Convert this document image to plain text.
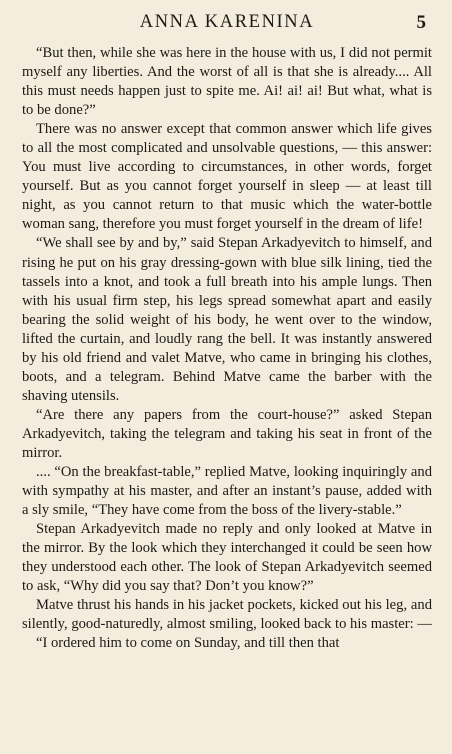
ANNA KARENINA	5

“But then, while she was here in the house with us, I did not permit myself any liberties. And the worst of all is that she is already.... All this must needs happen just to spite me. Ai! ai! ai! But what, what is to be done?”

There was no answer except that common answer which life gives to all the most complicated and unsolvable questions, — this answer: You must live according to circumstances, in other words, forget yourself. But as you cannot forget yourself in sleep — at least till night, as you cannot return to that music which the water-bottle woman sang, therefore you must forget yourself in the dream of life!

“We shall see by and by,” said Stepan Arkadyevitch to himself, and rising he put on his gray dressing-gown with blue silk lining, tied the tassels into a knot, and took a full breath into his ample lungs. Then with his usual firm step, his legs spread somewhat apart and easily bearing the solid weight of his body, he went over to the window, lifted the curtain, and loudly rang the bell. It was instantly answered by his old friend and valet Matve, who came in bringing his clothes, boots, and a telegram. Behind Matve came the barber with the shaving utensils.

“Are there any papers from the court-house?” asked Stepan Arkadyevitch, taking the telegram and taking his seat in front of the mirror.

.... “On the breakfast-table,” replied Matve, looking inquiringly and with sympathy at his master, and after an instant’s pause, added with a sly smile, “They have come from the boss of the livery-stable.”

Stepan Arkadyevitch made no reply and only looked at Matve in the mirror. By the look which they interchanged it could be seen how they understood each other. The look of Stepan Arkadyevitch seemed to ask, “Why did you say that? Don’t you know?”

Matve thrust his hands in his jacket pockets, kicked out his leg, and silently, good-naturedly, almost smiling, looked back to his master: —

“I ordered him to come on Sunday, and till then that
